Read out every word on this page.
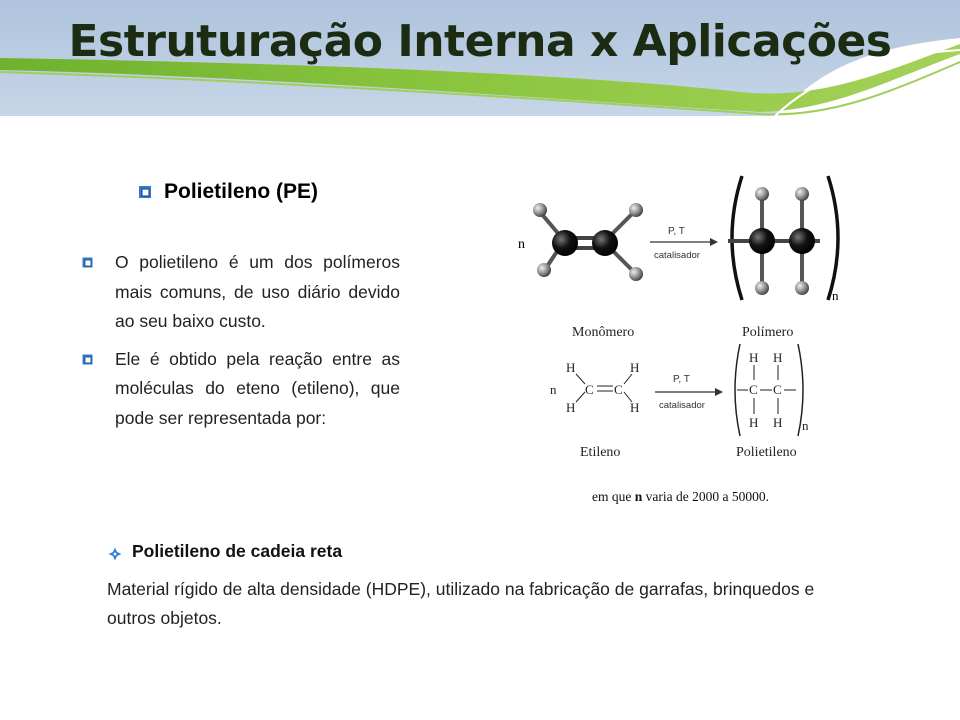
Estruturação Interna x Aplicações
Polietileno (PE)
O polietileno é um dos polímeros mais comuns, de uso diário devido ao seu baixo custo.
Ele é obtido pela reação entre as moléculas do eteno (etileno), que pode ser representada por:
n
P, T
catalisador
n
Monômero	Polímero
n
H
H
C C
H
H
P, T
catalisador
H H
C C
H H n
Etileno	Polietileno
em que n varia de 2000 a 50000.
Polietileno de cadeia reta

Material rígido de alta densidade (HDPE), utilizado na fabricação de garrafas, brinquedos e outros objetos.
